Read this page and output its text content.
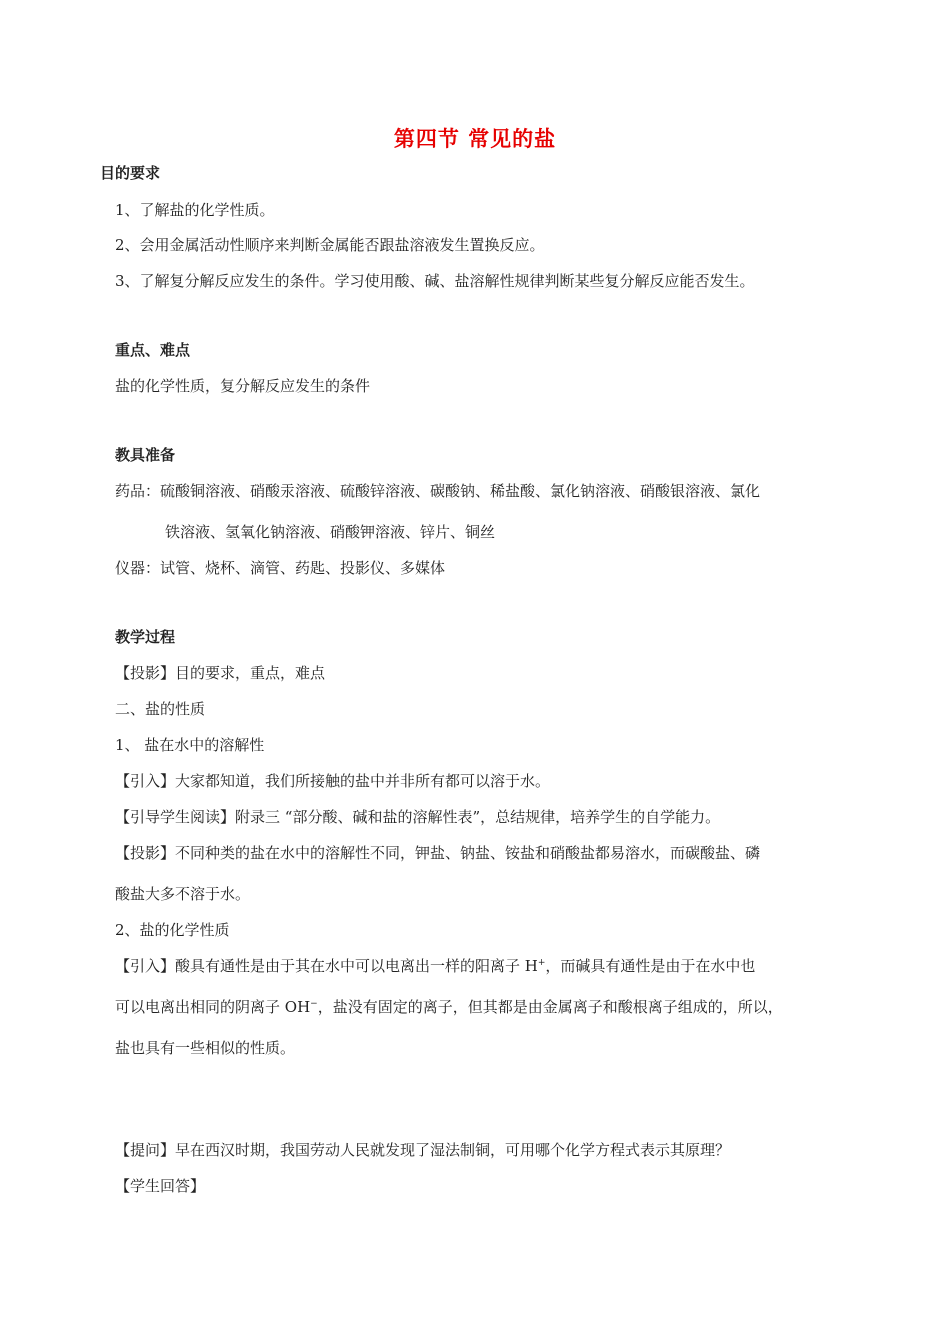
第四节 常见的盐
目的要求
1、了解盐的化学性质。
2、会用金属活动性顺序来判断金属能否跟盐溶液发生置换反应。
3、了解复分解反应发生的条件。学习使用酸、碱、盐溶解性规律判断某些复分解反应能否发生。
重点、难点
盐的化学性质，复分解反应发生的条件
教具准备
药品：硫酸铜溶液、硝酸汞溶液、硫酸锌溶液、碳酸钠、稀盐酸、氯化钠溶液、硝酸银溶液、氯化
铁溶液、氢氧化钠溶液、硝酸钾溶液、锌片、铜丝
仪器：试管、烧杯、滴管、药匙、投影仪、多媒体
教学过程
【投影】目的要求，重点，难点
二、盐的性质
1、 盐在水中的溶解性
【引入】大家都知道，我们所接触的盐中并非所有都可以溶于水。
【引导学生阅读】附录三 “部分酸、碱和盐的溶解性表”，总结规律，培养学生的自学能力。
【投影】不同种类的盐在水中的溶解性不同，钾盐、钠盐、铵盐和硝酸盐都易溶水，而碳酸盐、磷
酸盐大多不溶于水。
2、盐的化学性质
【引入】酸具有通性是由于其在水中可以电离出一样的阳离子 H+，而碱具有通性是由于在水中也
可以电离出相同的阴离子 OH−，盐没有固定的离子，但其都是由金属离子和酸根离子组成的，所以，
盐也具有一些相似的性质。
【提问】早在西汉时期，我国劳动人民就发现了湿法制铜，可用哪个化学方程式表示其原理？
【学生回答】
